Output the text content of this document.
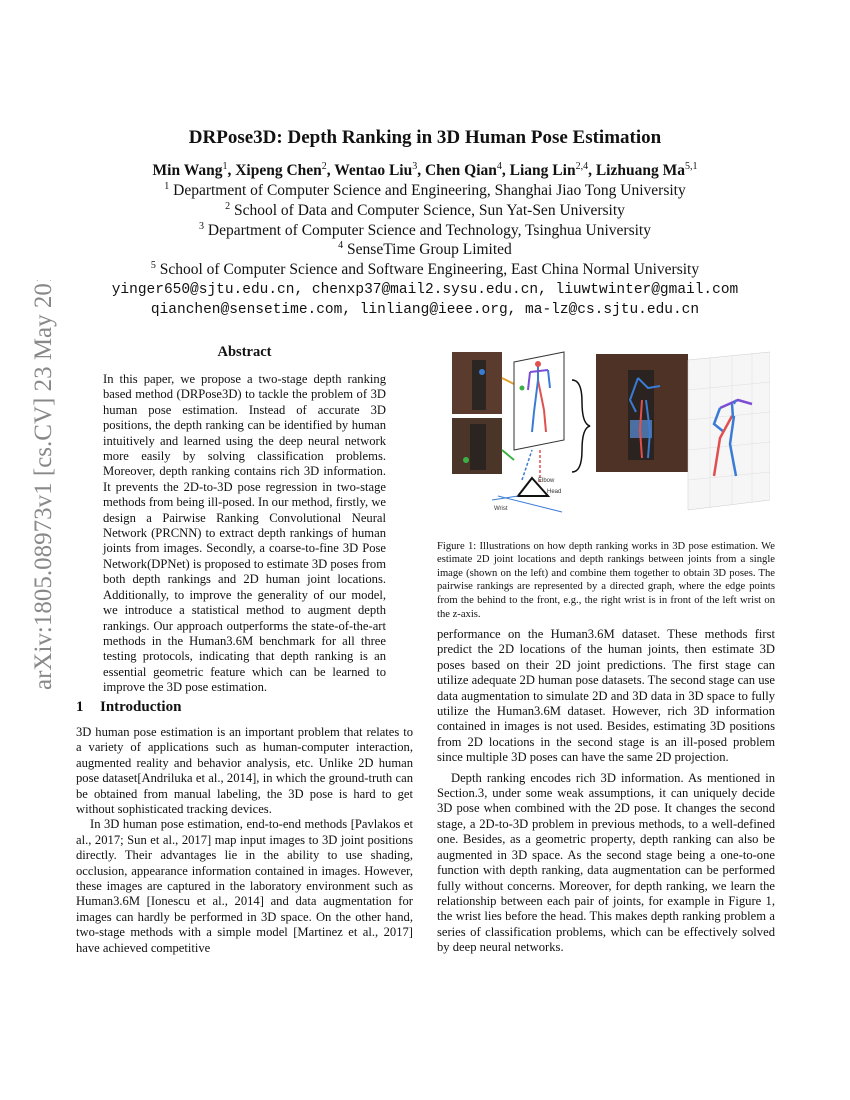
arXiv:1805.08973v1 [cs.CV] 23 May 2018
DRPose3D: Depth Ranking in 3D Human Pose Estimation
Min Wang$^1$, Xipeng Chen$^2$, Wentao Liu$^3$, Chen Qian$^4$, Liang Lin$^{2,4}$, Lizhuang Ma$^{5,1}$
$^1$ Department of Computer Science and Engineering, Shanghai Jiao Tong University
$^2$ School of Data and Computer Science, Sun Yat-Sen University
$^3$ Department of Computer Science and Technology, Tsinghua University
$^4$ SenseTime Group Limited
$^5$ School of Computer Science and Software Engineering, East China Normal University
yinger650@sjtu.edu.cn, chenxp37@mail2.sysu.edu.cn, liuwtwinter@gmail.com
qianchen@sensetime.com, linliang@ieee.org, ma-lz@cs.sjtu.edu.cn
Abstract

In this paper, we propose a two-stage depth ranking based method (DRPose3D) to tackle the problem of 3D human pose estimation. Instead of accurate 3D positions, the depth ranking can be identified by human intuitively and learned using the deep neural network more easily by solving classification problems. Moreover, depth ranking contains rich 3D information. It prevents the 2D-to-3D pose regression in two-stage methods from being ill-posed. In our method, firstly, we design a Pairwise Ranking Convolutional Neural Network (PRCNN) to extract depth rankings of human joints from images. Secondly, a coarse-to-fine 3D Pose Network(DPNet) is proposed to estimate 3D poses from both depth rankings and 2D human joint locations. Additionally, to improve the generality of our model, we introduce a statistical method to augment depth rankings. Our approach outperforms the state-of-the-art methods in the Human3.6M benchmark for all three testing protocols, indicating that depth ranking is an essential geometric feature which can be learned to improve the 3D pose estimation.

1 Introduction

3D human pose estimation is an important problem that relates to a variety of applications such as human-computer interaction, augmented reality and behavior analysis, etc. Unlike 2D human pose dataset[Andriluka et al., 2014], in which the ground-truth can be obtained from manual labeling, the 3D pose is hard to get without sophisticated tracking devices.

In 3D human pose estimation, end-to-end methods [Pavlakos et al., 2017; Sun et al., 2017] map input images to 3D joint positions directly. Their advantages lie in the ability to use shading, occlusion, appearance information contained in images. However, these images are captured in the laboratory environment such as Human3.6M [Ionescu et al., 2014] and data augmentation for images can hardly be performed in 3D space. On the other hand, two-stage methods with a simple model [Martinez et al., 2017] have achieved competitive

Head
Wrist
Elbow

Figure 1: Illustrations on how depth ranking works in 3D pose estimation. We estimate 2D joint locations and depth rankings between joints from a single image (shown on the left) and combine them together to obtain 3D poses. The pairwise rankings are represented by a directed graph, where the edge points from the behind to the front, e.g., the right wrist is in front of the left wrist on the z-axis.

performance on the Human3.6M dataset. These methods first predict the 2D locations of the human joints, then estimate 3D poses based on their 2D joint predictions. The first stage can utilize adequate 2D human pose datasets. The second stage can use data augmentation to simulate 2D and 3D data in 3D space to fully utilize the Human3.6M dataset. However, rich 3D information contained in images is not used. Besides, estimating 3D positions from 2D locations in the second stage is an ill-posed problem since multiple 3D poses can have the same 2D projection.

Depth ranking encodes rich 3D information. As mentioned in Section.3, under some weak assumptions, it can uniquely decide 3D pose when combined with the 2D pose. It changes the second stage, a 2D-to-3D problem in previous methods, to a well-defined one. Besides, as a geometric property, depth ranking can also be augmented in 3D space. As the second stage being a one-to-one function with depth ranking, data augmentation can be performed fully without concerns. Moreover, for depth ranking, we learn the relationship between each pair of joints, for example in Figure 1, the wrist lies before the head. This makes depth ranking problem a series of classification problems, which can be effectively solved by deep neural networks.
